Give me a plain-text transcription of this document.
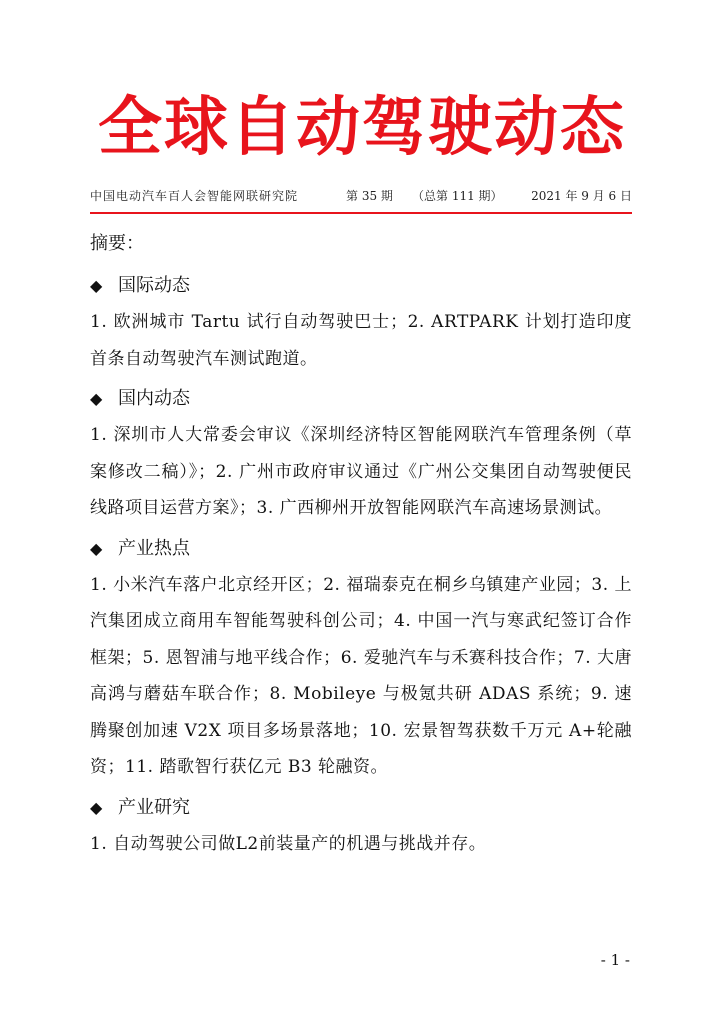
全球自动驾驶动态
中国电动汽车百人会智能网联研究院	第 35 期 （总第 111 期） 2021 年 9 月 6 日
摘要：
◆ 国际动态
1. 欧洲城市 Tartu 试行自动驾驶巴士；2. ARTPARK 计划打造印度首条自动驾驶汽车测试跑道。
◆ 国内动态
1. 深圳市人大常委会审议《深圳经济特区智能网联汽车管理条例（草案修改二稿）》；2. 广州市政府审议通过《广州公交集团自动驾驶便民线路项目运营方案》；3. 广西柳州开放智能网联汽车高速场景测试。
◆ 产业热点
1. 小米汽车落户北京经开区；2. 福瑞泰克在桐乡乌镇建产业园；3. 上汽集团成立商用车智能驾驶科创公司；4. 中国一汽与寒武纪签订合作框架；5. 恩智浦与地平线合作；6. 爱驰汽车与禾赛科技合作；7. 大唐高鸿与蘑菇车联合作；8. Mobileye 与极氪共研 ADAS 系统；9. 速腾聚创加速 V2X 项目多场景落地；10. 宏景智驾获数千万元 A+轮融资；11. 踏歌智行获亿元 B3 轮融资。
◆ 产业研究
1. 自动驾驶公司做L2前装量产的机遇与挑战并存。
- 1 -
